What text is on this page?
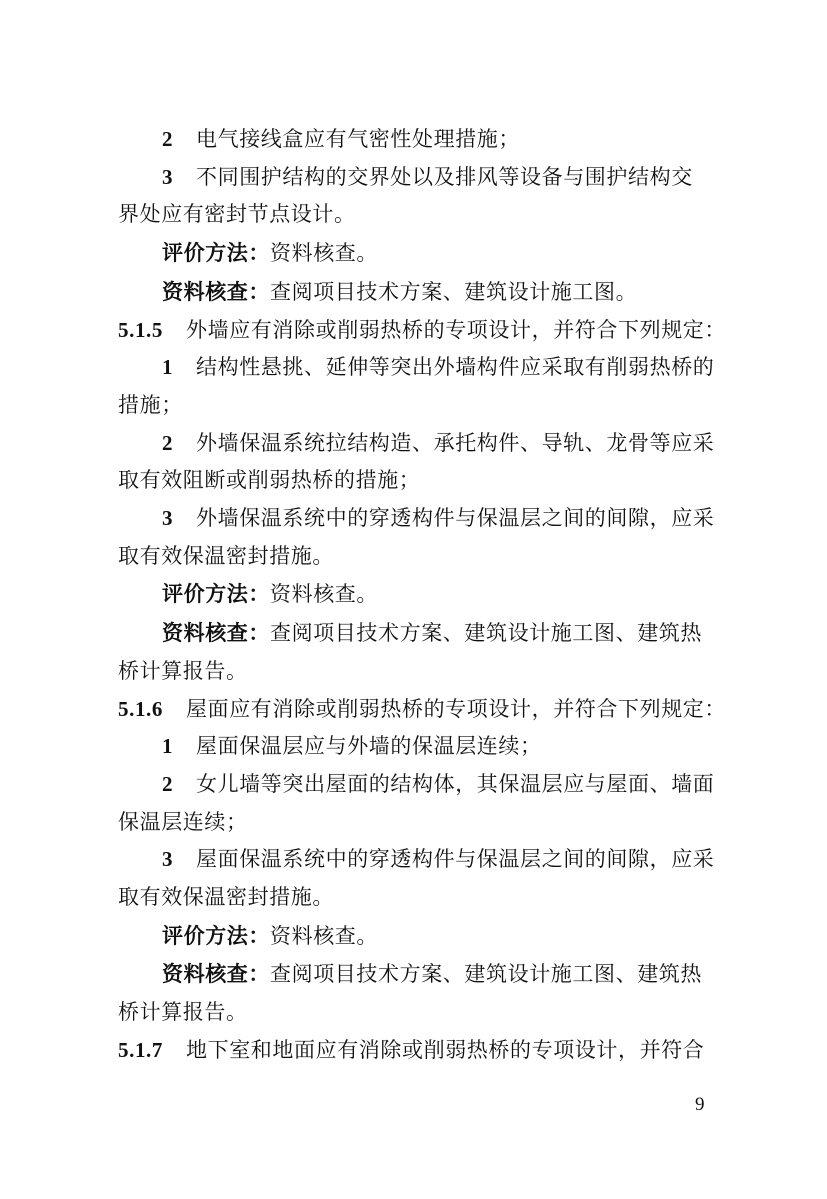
2 电气接线盒应有气密性处理措施；
3 不同围护结构的交界处以及排风等设备与围护结构交
界处应有密封节点设计。
评价方法：资料核查。
资料核查：查阅项目技术方案、建筑设计施工图。
5.1.5 外墙应有消除或削弱热桥的专项设计，并符合下列规定：
1 结构性悬挑、延伸等突出外墙构件应采取有削弱热桥的
措施；
2 外墙保温系统拉结构造、承托构件、导轨、龙骨等应采
取有效阻断或削弱热桥的措施；
3 外墙保温系统中的穿透构件与保温层之间的间隙，应采
取有效保温密封措施。
评价方法：资料核查。
资料核查：查阅项目技术方案、建筑设计施工图、建筑热
桥计算报告。
5.1.6 屋面应有消除或削弱热桥的专项设计，并符合下列规定：
1 屋面保温层应与外墙的保温层连续；
2 女儿墙等突出屋面的结构体，其保温层应与屋面、墙面
保温层连续；
3 屋面保温系统中的穿透构件与保温层之间的间隙，应采
取有效保温密封措施。
评价方法：资料核查。
资料核查：查阅项目技术方案、建筑设计施工图、建筑热
桥计算报告。
5.1.7 地下室和地面应有消除或削弱热桥的专项设计，并符合
9
